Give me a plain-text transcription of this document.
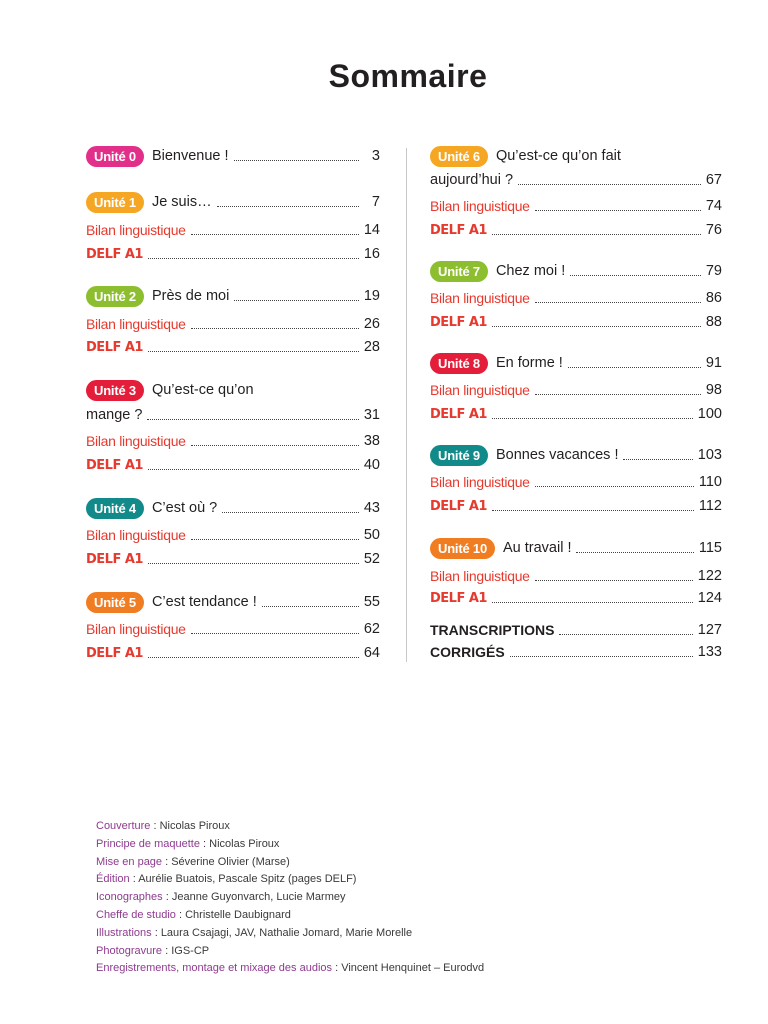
Sommaire
Unité 0	Bienvenue !	3
Unité 1	Je suis…	7
Bilan linguistique	14
DELF A1	16
Unité 2	Près de moi	19
Bilan linguistique	26
DELF A1	28
Unité 3	Qu’est-ce qu’on
mange ?	31
Bilan linguistique	38
DELF A1	40
Unité 4	C’est où ?	43
Bilan linguistique	50
DELF A1	52
Unité 5	C’est tendance !	55
Bilan linguistique	62
DELF A1	64
Unité 6	Qu’est-ce qu’on fait
aujourd’hui ?	67
Bilan linguistique	74
DELF A1	76
Unité 7	Chez moi !	79
Bilan linguistique	86
DELF A1	88
Unité 8	En forme !	91
Bilan linguistique	98
DELF A1	100
Unité 9	Bonnes vacances !	103
Bilan linguistique	110
DELF A1	112
Unité 10	Au travail !	115
Bilan linguistique	122
DELF A1	124
TRANSCRIPTIONS	127
CORRIGÉS	133
Couverture : Nicolas Piroux
Principe de maquette : Nicolas Piroux
Mise en page : Séverine Olivier (Marse)
Édition : Aurélie Buatois, Pascale Spitz (pages DELF)
Iconographes : Jeanne Guyonvarch, Lucie Marmey
Cheffe de studio : Christelle Daubignard
Illustrations : Laura Csajagi, JAV, Nathalie Jomard, Marie Morelle
Photogravure : IGS-CP
Enregistrements, montage et mixage des audios : Vincent Henquinet – Eurodvd
